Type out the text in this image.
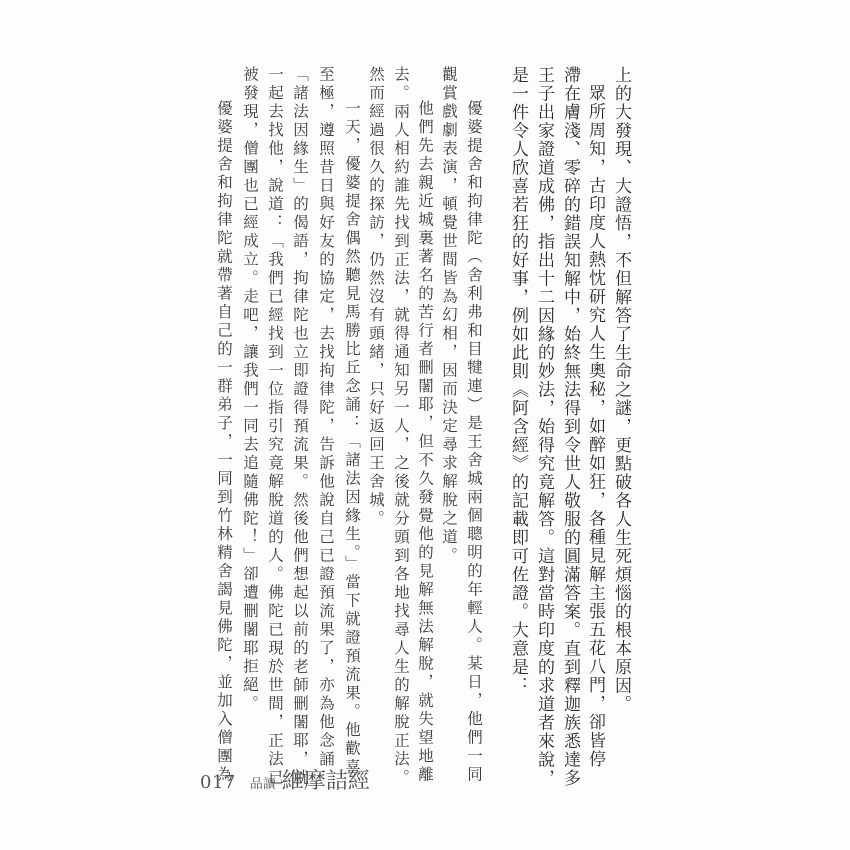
上的大發現、大證悟，不但解答了生命之謎，更點破各人生死煩惱的根本原因。
眾所周知，古印度人熱忱研究人生奧秘，如醉如狂，各種見解主張五花八門，卻皆停
滯在膚淺、零碎的錯誤知解中，始終無法得到令世人敬服的圓滿答案。直到釋迦族悉達多
王子出家證道成佛，指出十二因緣的妙法，始得究竟解答。這對當時印度的求道者來說，
是一件令人欣喜若狂的好事，例如此則《阿含經》的記載即可佐證。大意是：
優婆提舍和拘律陀（舍利弗和目犍連）是王舍城兩個聰明的年輕人。某日，他們一同
觀賞戲劇表演，頓覺世間皆為幻相，因而決定尋求解脫之道。
他們先去親近城裏著名的苦行者刪闍耶，但不久發覺他的見解無法解脫，就失望地離
去。兩人相約誰先找到正法，就得通知另一人，之後就分頭到各地找尋人生的解脫正法。
然而經過很久的探訪，仍然沒有頭緒，只好返回王舍城。
一天，優婆提舍偶然聽見馬勝比丘念誦：「諸法因緣生。」當下就證預流果。他歡喜
至極，遵照昔日與好友的協定，去找拘律陀，告訴他說自己已證預流果了，亦為他念誦
「諸法因緣生」的偈語，拘律陀也立即證得預流果。然後他們想起以前的老師刪闍耶，就
一起去找他，說道：「我們已經找到一位指引究竟解脫道的人。佛陀已現於世間，正法已
被發現，僧團也已經成立。走吧，讓我們一同去追隨佛陀！」卻遭刪闍耶拒絕。
優婆提舍和拘律陀就帶著自己的一群弟子，一同到竹林精舍謁見佛陀，並加入僧團為
017 品讀 維摩詰經
